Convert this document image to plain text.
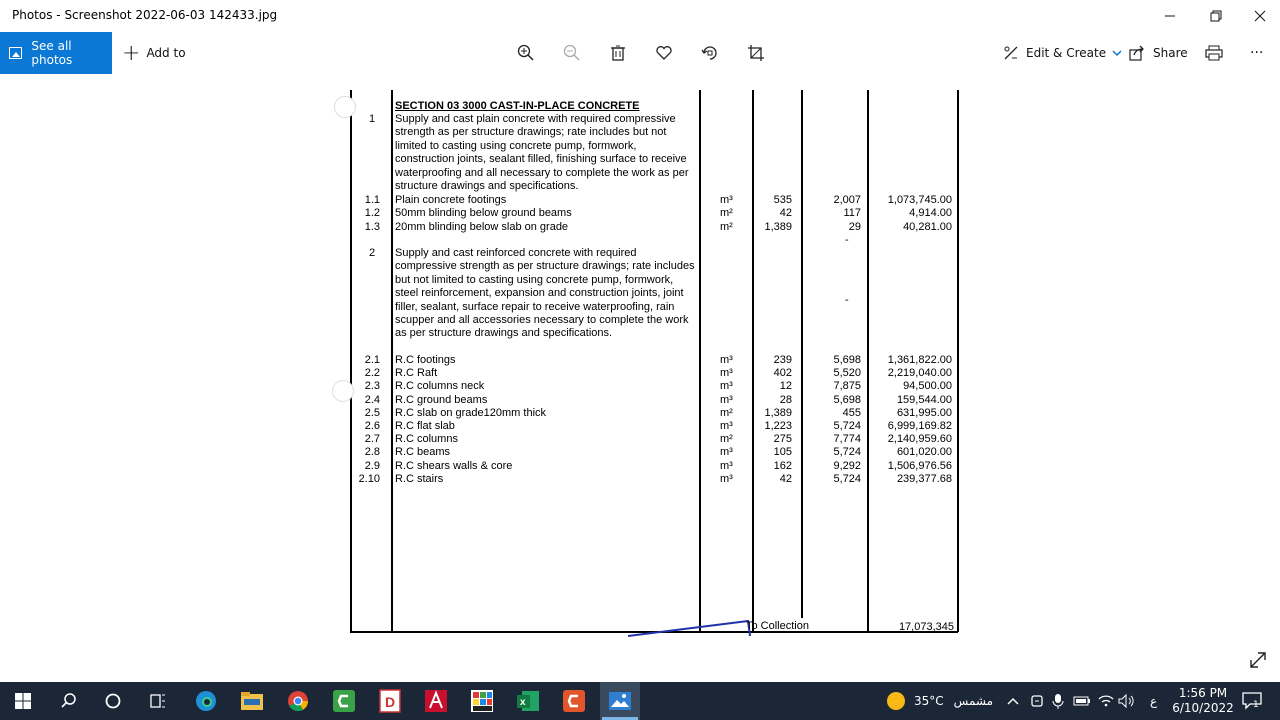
Photos - Screenshot 2022-06-03 142433.jpg
See all photos	+ Add to	Edit & Create	Share	···
SECTION 03 3000 CAST-IN-PLACE CONCRETE
1 Supply and cast plain concrete with required compressive
strength as per structure drawings; rate includes but not
limited to casting using concrete pump, formwork,
construction joints, sealant filled, finishing surface to receive
waterproofing and all necessary to complete the work as per
structure drawings and specifications.
1.1 Plain concrete footings	m³	535	2,007	1,073,745.00
1.2 50mm blinding below ground beams	m²	42	117	4,914.00
1.3 20mm blinding below slab on grade	m²	1,389	29	40,281.00
-
2 Supply and cast reinforced concrete with required
compressive strength as per structure drawings; rate includes
but not limited to casting using concrete pump, formwork,
steel reinforcement, expansion and construction joints, joint
filler, sealant, surface repair to receive waterproofing, rain
scupper and all accessories necessary to complete the work
as per structure drawings and specifications.
-
2.1 R.C footings	m³	239	5,698	1,361,822.00
2.2 R.C Raft	m³	402	5,520	2,219,040.00
2.3 R.C columns neck	m³	12	7,875	94,500.00
2.4 R.C ground beams	m³	28	5,698	159,544.00
2.5 R.C slab on grade120mm thick	m²	1,389	455	631,995.00
2.6 R.C flat slab	m³	1,223	5,724	6,999,169.82
2.7 R.C columns	m²	275	7,774	2,140,959.60
2.8 R.C beams	m³	105	5,724	601,020.00
2.9 R.C shears walls & core	m³	162	9,292	1,506,976.56
2.10 R.C stairs	m³	42	5,724	239,377.68
To Collection	17,073,345
D	x	35°C مشمس	ع
1:56 PM
6/10/2022 1
